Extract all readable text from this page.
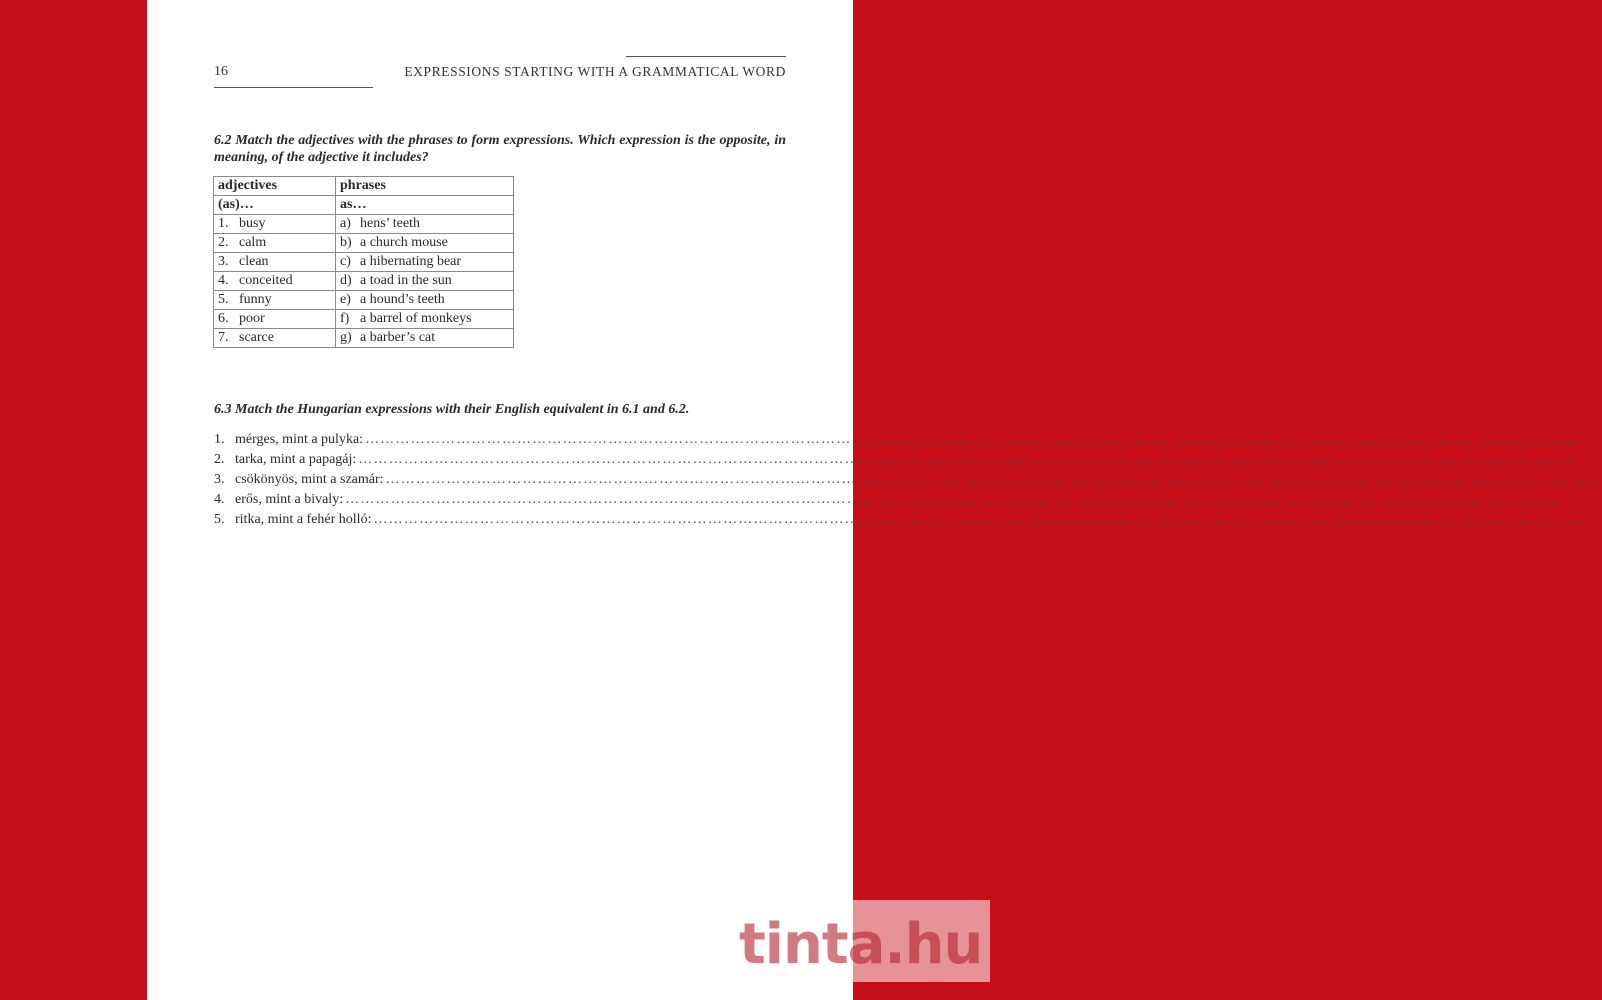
16	EXPRESSIONS STARTING WITH A GRAMMATICAL WORD
6.2 Match the adjectives with the phrases to form expressions. Which expression is the opposite, in meaning, of the adjective it includes?
adjectives	phrases
(as)…	as…
1. busy	a) hens’ teeth
2. calm	b) a church mouse
3. clean	c) a hibernating bear
4. conceited	d) a toad in the sun
5. funny	e) a hound’s teeth
6. poor	f) a barrel of monkeys
7. scarce	g) a barber’s cat
6.3 Match the Hungarian expressions with their English equivalent in 6.1 and 6.2.
1. mérges, mint a pulyka: ……………………………………………………………………………………………………………………………………………………………………………………………………………………
2. tarka, mint a papagáj: ……………………………………………………………………………………………………………………………………………………………………………………………………………………
3. csökönyös, mint a szamár: ……………………………………………………………………………………………………………………………………………………………………………………………………………………
4. erős, mint a bivaly: ……………………………………………………………………………………………………………………………………………………………………………………………………………………
5. ritka, mint a fehér holló: ……………………………………………………………………………………………………………………………………………………………………………………………………………………
tinta.hu
